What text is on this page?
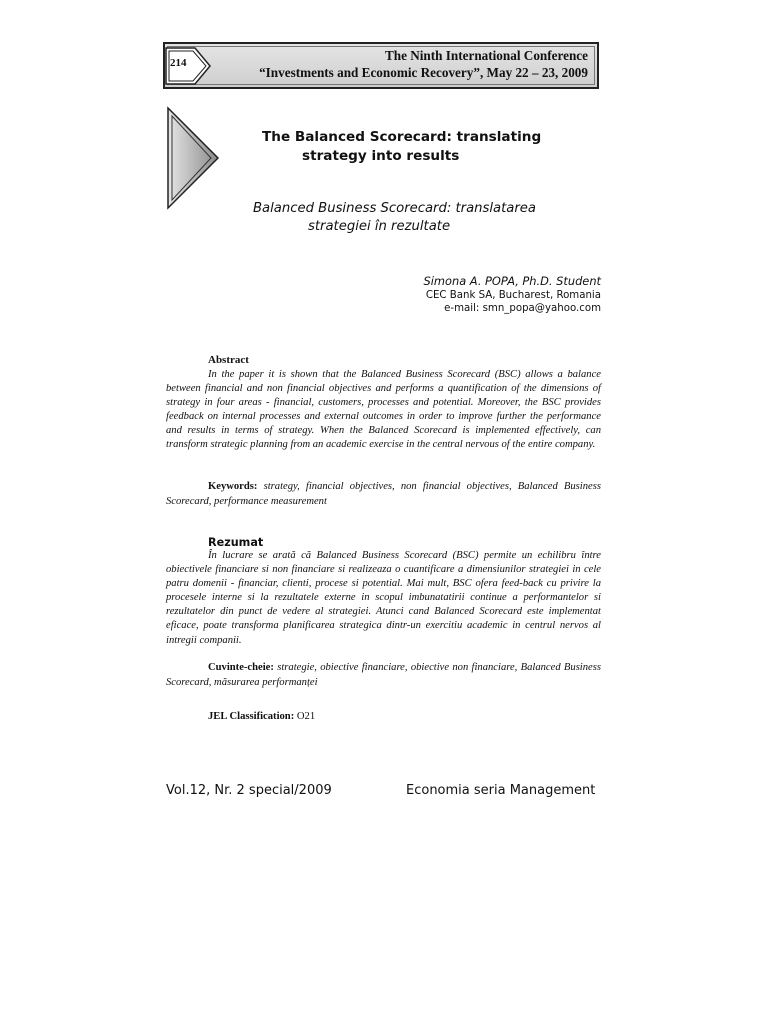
214	The Ninth International Conference
“Investments and Economic Recovery”, May 22 – 23, 2009
The Balanced Scorecard: translating
strategy into results
Balanced Business Scorecard: translatarea
strategiei în rezultate
Simona A. POPA, Ph.D. Student
CEC Bank SA, Bucharest, Romania
e-mail: smn_popa@yahoo.com
Abstract
In the paper it is shown that the Balanced Business Scorecard (BSC) allows a balance between financial and non financial objectives and performs a quantification of the dimensions of strategy in four areas - financial, customers, processes and potential. Moreover, the BSC provides feedback on internal processes and external outcomes in order to improve further the performance and results in terms of strategy. When the Balanced Scorecard is implemented effectively, can transform strategic planning from an academic exercise in the central nervous of the entire company.
Keywords: strategy, financial objectives, non financial objectives, Balanced Business Scorecard, performance measurement
Rezumat
În lucrare se arată că Balanced Business Scorecard (BSC) permite un echilibru între obiectivele financiare si non financiare si realizeaza o cuantificare a dimensiunilor strategiei in cele patru domenii - financiar, clienti, procese si potential. Mai mult, BSC ofera feed-back cu privire la procesele interne si la rezultatele externe in scopul imbunatatirii continue a performantelor si rezultatelor din punct de vedere al strategiei. Atunci cand Balanced Scorecard este implementat eficace, poate transforma planificarea strategica dintr-un exercitiu academic in centrul nervos al intregii companii.
Cuvinte-cheie: strategie, obiective financiare, obiective non financiare, Balanced Business Scorecard, măsurarea performanței
JEL Classification: O21
Vol.12, Nr. 2 special/2009	Economia seria Management
